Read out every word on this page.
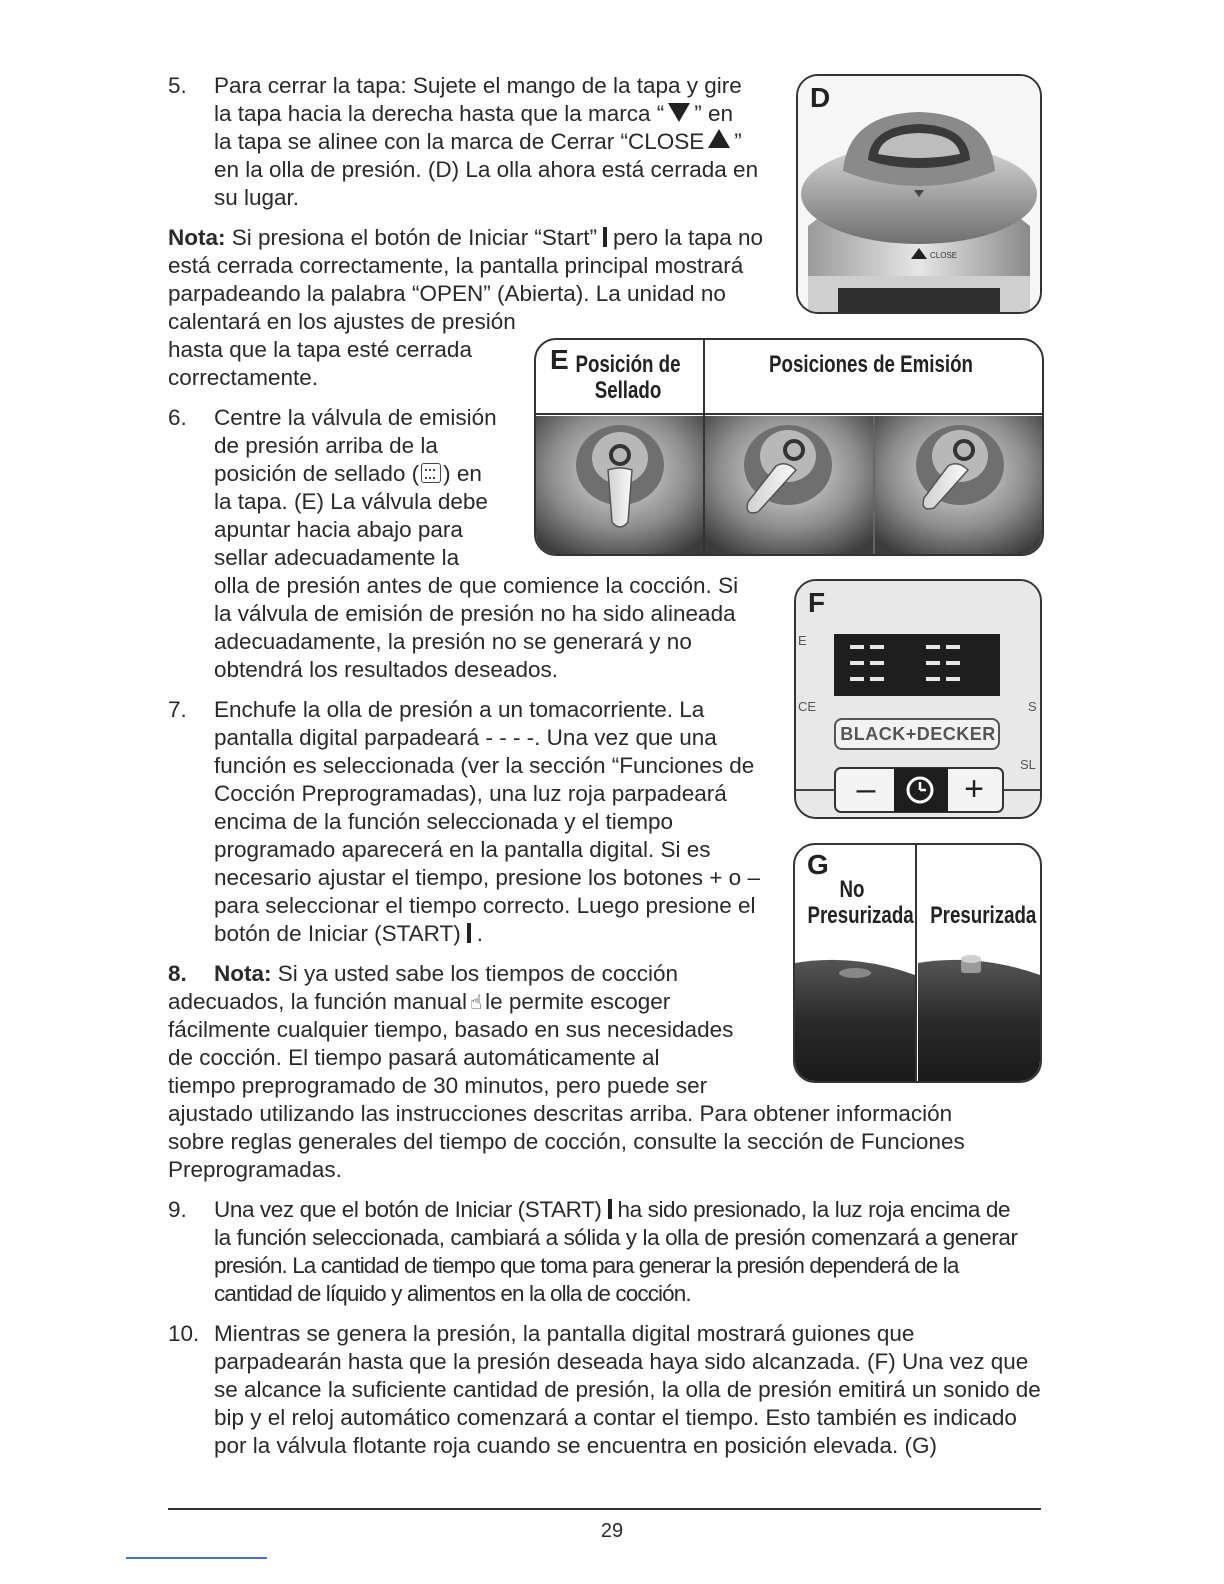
5. Para cerrar la tapa: Sujete el mango de la tapa y gire
la tapa hacia la derecha hasta que la marca “ ” en
la tapa se alinee con la marca de Cerrar “CLOSE ”
en la olla de presión. (D) La olla ahora está cerrada en
su lugar.
Nota: Si presiona el botón de Iniciar “Start” pero la tapa no
está cerrada correctamente, la pantalla principal mostrará
parpadeando la palabra “OPEN” (Abierta). La unidad no
calentará en los ajustes de presión
hasta que la tapa esté cerrada
correctamente.
6. Centre la válvula de emisión
de presión arriba de la
posición de sellado ( ) en
la tapa. (E) La válvula debe
apuntar hacia abajo para
sellar adecuadamente la
olla de presión antes de que comience la cocción. Si
la válvula de emisión de presión no ha sido alineada
adecuadamente, la presión no se generará y no
obtendrá los resultados deseados.
7. Enchufe la olla de presión a un tomacorriente. La
pantalla digital parpadeará - - - -. Una vez que una
función es seleccionada (ver la sección “Funciones de
Cocción Preprogramadas), una luz roja parpadeará
encima de la función seleccionada y el tiempo
programado aparecerá en la pantalla digital. Si es
necesario ajustar el tiempo, presione los botones + o –
para seleccionar el tiempo correcto. Luego presione el
botón de Iniciar (START) .
8. Nota: Si ya usted sabe los tiempos de cocción
adecuados, la función manual ☝ le permite escoger
fácilmente cualquier tiempo, basado en sus necesidades
de cocción. El tiempo pasará automáticamente al
tiempo preprogramado de 30 minutos, pero puede ser
ajustado utilizando las instrucciones descritas arriba. Para obtener información
sobre reglas generales del tiempo de cocción, consulte la sección de Funciones
Preprogramadas.
9. Una vez que el botón de Iniciar (START) ha sido presionado, la luz roja encima de
la función seleccionada, cambiará a sólida y la olla de presión comenzará a generar
presión. La cantidad de tiempo que toma para generar la presión dependerá de la
cantidad de líquido y alimentos en la olla de cocción.
10. Mientras se genera la presión, la pantalla digital mostrará guiones que
parpadearán hasta que la presión deseada haya sido alcanzada. (F) Una vez que
se alcance la suficiente cantidad de presión, la olla de presión emitirá un sonido de
bip y el reloj automático comenzará a contar el tiempo. Esto también es indicado
por la válvula flotante roja cuando se encuentra en posición elevada. (G)
CLOSE
D
E Posición de Sellado
Posiciones de Emisión
F
E
CE	S
SL
BLACK+DECKER
–	+
G
No Presurizada Presurizada
29
